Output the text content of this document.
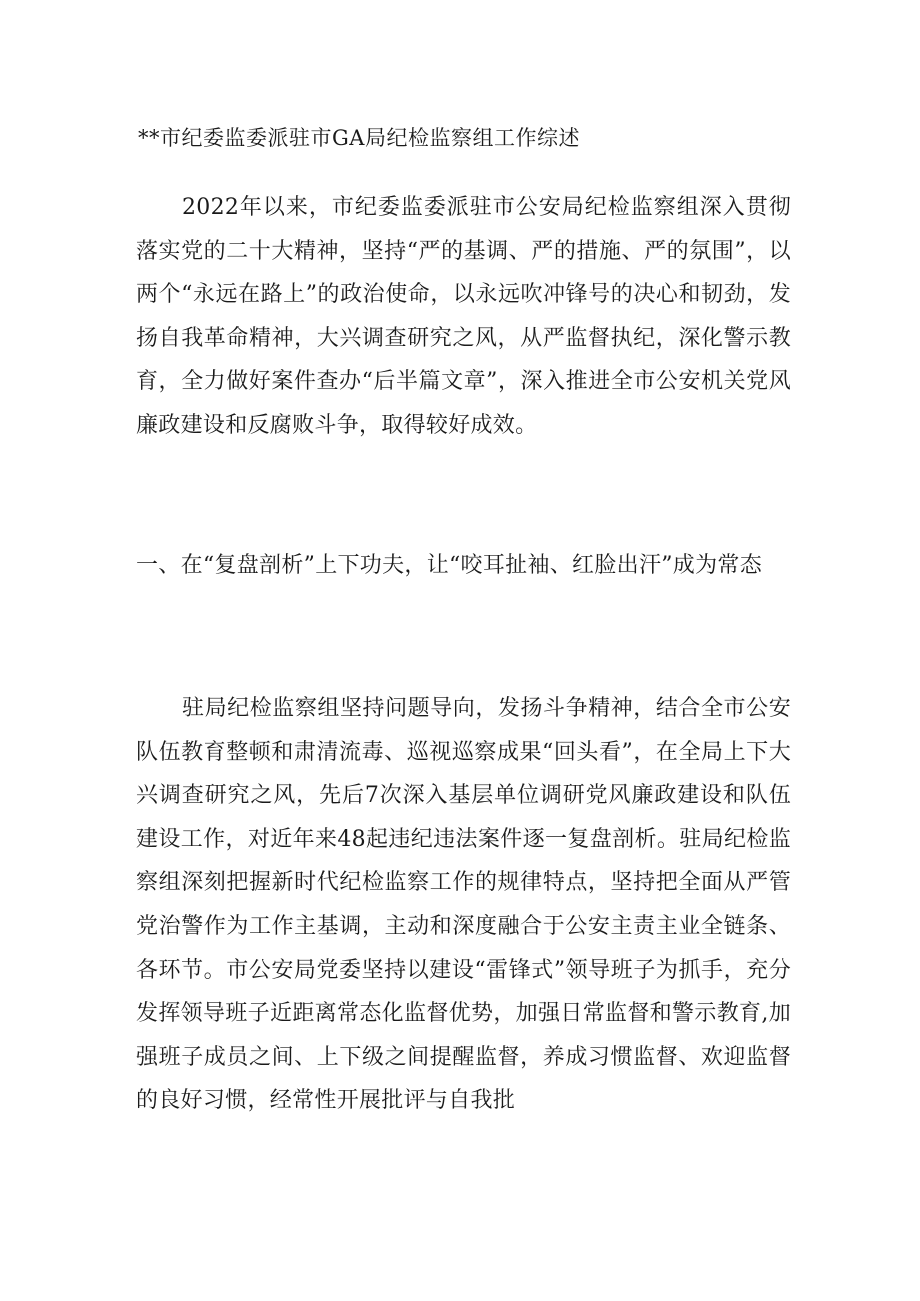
**市纪委监委派驻市GA局纪检监察组工作综述

2022年以来，市纪委监委派驻市公安局纪检监察组深入贯彻落实党的二十大精神，坚持“严的基调、严的措施、严的氛围”，以两个“永远在路上”的政治使命，以永远吹冲锋号的决心和韧劲，发扬自我革命精神，大兴调查研究之风，从严监督执纪，深化警示教育，全力做好案件查办“后半篇文章”，深入推进全市公安机关党风廉政建设和反腐败斗争，取得较好成效。

一、在“复盘剖析”上下功夫，让“咬耳扯袖、红脸出汗”成为常态

驻局纪检监察组坚持问题导向，发扬斗争精神，结合全市公安队伍教育整顿和肃清流毒、巡视巡察成果“回头看”，在全局上下大兴调查研究之风，先后7次深入基层单位调研党风廉政建设和队伍建设工作，对近年来48起违纪违法案件逐一复盘剖析。驻局纪检监察组深刻把握新时代纪检监察工作的规律特点，坚持把全面从严管党治警作为工作主基调，主动和深度融合于公安主责主业全链条、各环节。市公安局党委坚持以建设“雷锋式”领导班子为抓手，充分发挥领导班子近距离常态化监督优势，加强日常监督和警示教育,加强班子成员之间、上下级之间提醒监督，养成习惯监督、欢迎监督的良好习惯，经常性开展批评与自我批
